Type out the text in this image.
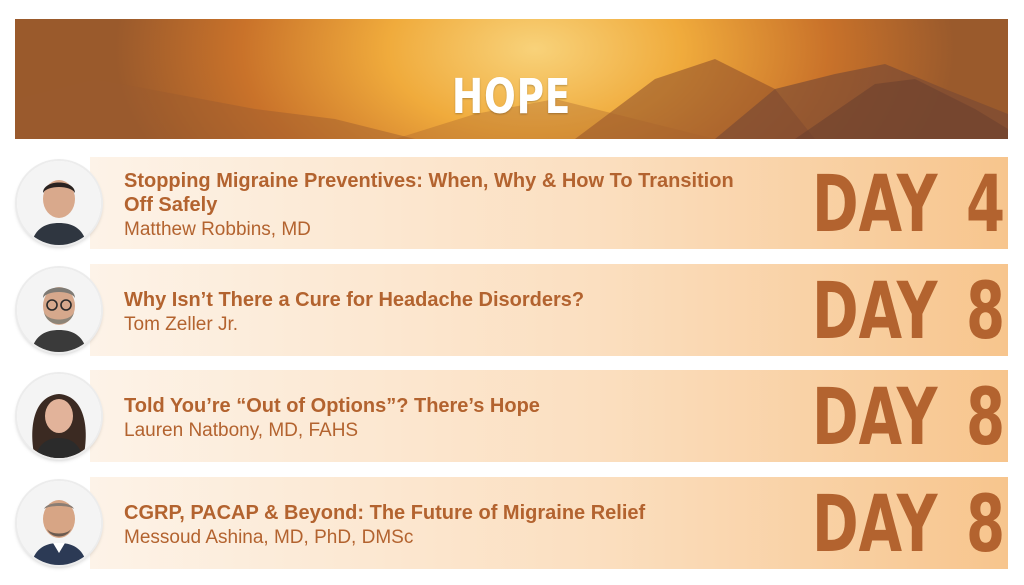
HOPE
Stopping Migraine Preventives: When, Why & How To Transition Off Safely
Matthew Robbins, MD	DAY 4
Why Isn’t There a Cure for Headache Disorders?
Tom Zeller Jr.	DAY 8
Told You’re “Out of Options”? There’s Hope
Lauren Natbony, MD, FAHS	DAY 8
CGRP, PACAP & Beyond: The Future of Migraine Relief
Messoud Ashina, MD, PhD, DMSc	DAY 8
